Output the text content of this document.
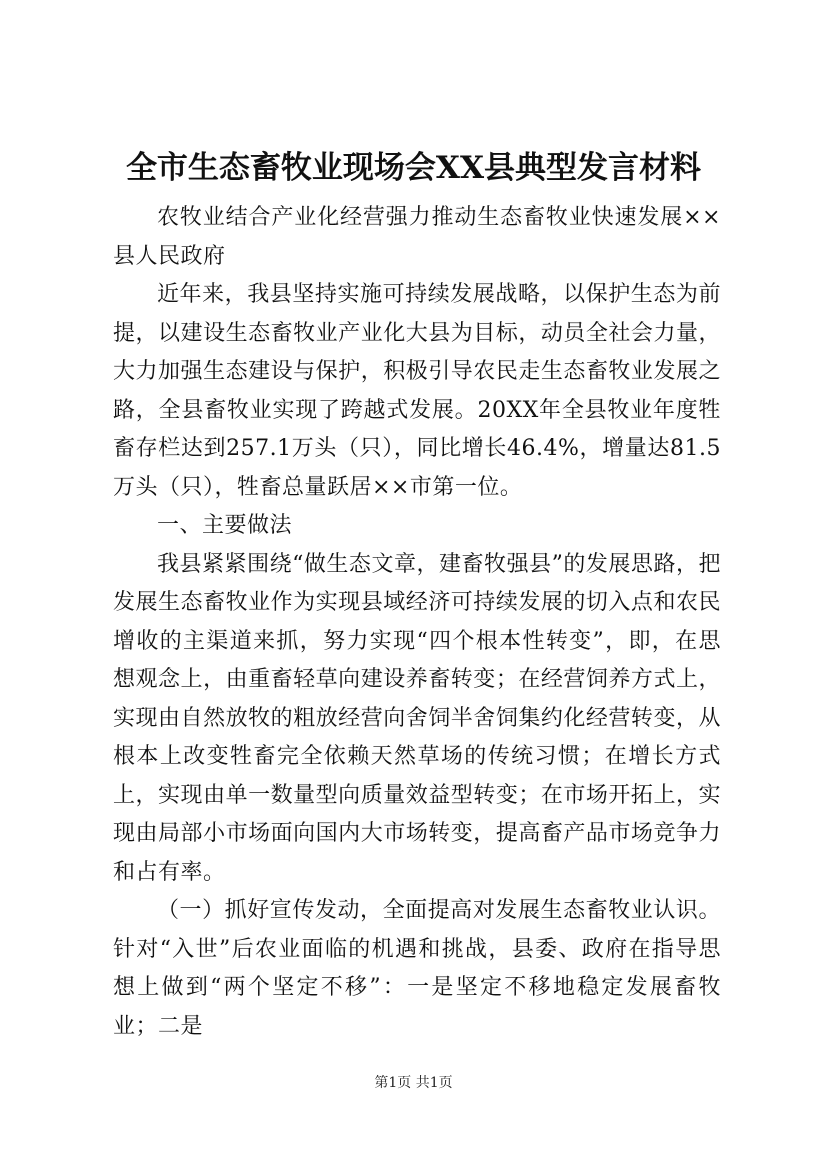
全市生态畜牧业现场会XX县典型发言材料

农牧业结合产业化经营强力推动生态畜牧业快速发展××县人民政府

近年来，我县坚持实施可持续发展战略，以保护生态为前提，以建设生态畜牧业产业化大县为目标，动员全社会力量，大力加强生态建设与保护，积极引导农民走生态畜牧业发展之路，全县畜牧业实现了跨越式发展。20XX年全县牧业年度牲畜存栏达到257.1万头（只），同比增长46.4%，增量达81.5万头（只），牲畜总量跃居××市第一位。

一、主要做法

我县紧紧围绕“做生态文章，建畜牧强县”的发展思路，把发展生态畜牧业作为实现县域经济可持续发展的切入点和农民增收的主渠道来抓，努力实现“四个根本性转变”，即，在思想观念上，由重畜轻草向建设养畜转变；在经营饲养方式上，实现由自然放牧的粗放经营向舍饲半舍饲集约化经营转变，从根本上改变牲畜完全依赖天然草场的传统习惯；在增长方式上，实现由单一数量型向质量效益型转变；在市场开拓上，实现由局部小市场面向国内大市场转变，提高畜产品市场竞争力和占有率。

（一）抓好宣传发动，全面提高对发展生态畜牧业认识。针对“入世”后农业面临的机遇和挑战，县委、政府在指导思想上做到“两个坚定不移”：一是坚定不移地稳定发展畜牧业；二是

第1页 共1页
